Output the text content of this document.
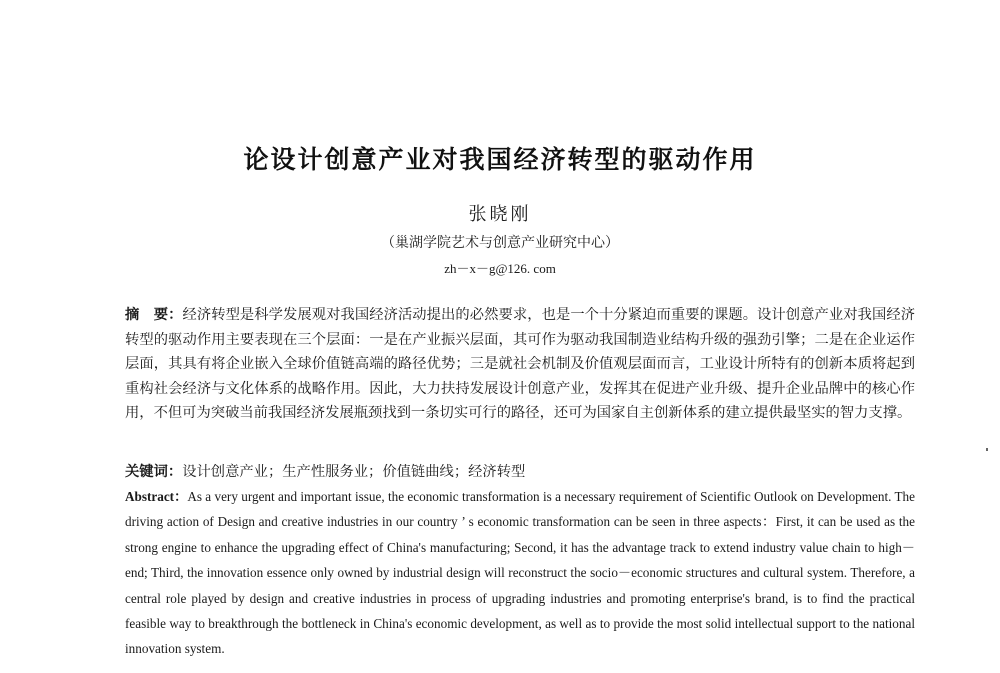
论设计创意产业对我国经济转型的驱动作用
张晓刚
（巢湖学院艺术与创意产业研究中心）
zh－x－g@126. com
摘　要：经济转型是科学发展观对我国经济活动提出的必然要求，也是一个十分紧迫而重要的课题。设计创意产业对我国经济转型的驱动作用主要表现在三个层面：一是在产业振兴层面，其可作为驱动我国制造业结构升级的强劲引擎；二是在企业运作层面，其具有将企业嵌入全球价值链高端的路径优势；三是就社会机制及价值观层面而言，工业设计所特有的创新本质将起到重构社会经济与文化体系的战略作用。因此，大力扶持发展设计创意产业，发挥其在促进产业升级、提升企业品牌中的核心作用，不但可为突破当前我国经济发展瓶颈找到一条切实可行的路径，还可为国家自主创新体系的建立提供最坚实的智力支撑。
关键词：设计创意产业；生产性服务业；价值链曲线；经济转型
Abstract：As a very urgent and important issue, the economic transformation is a necessary requirement of Scientific Outlook on Development. The driving action of Design and creative industries in our country ’ s economic transformation can be seen in three aspects：First, it can be used as the strong engine to enhance the upgrading effect of China's manufacturing; Second, it has the advantage track to extend industry value chain to high－end; Third, the innovation essence only owned by industrial design will reconstruct the socio－economic structures and cultural system. Therefore, a central role played by design and creative industries in process of upgrading industries and promoting enterprise's brand, is to find the practical feasible way to breakthrough the bottleneck in China's economic development, as well as to provide the most solid intellectual support to the national innovation system.
